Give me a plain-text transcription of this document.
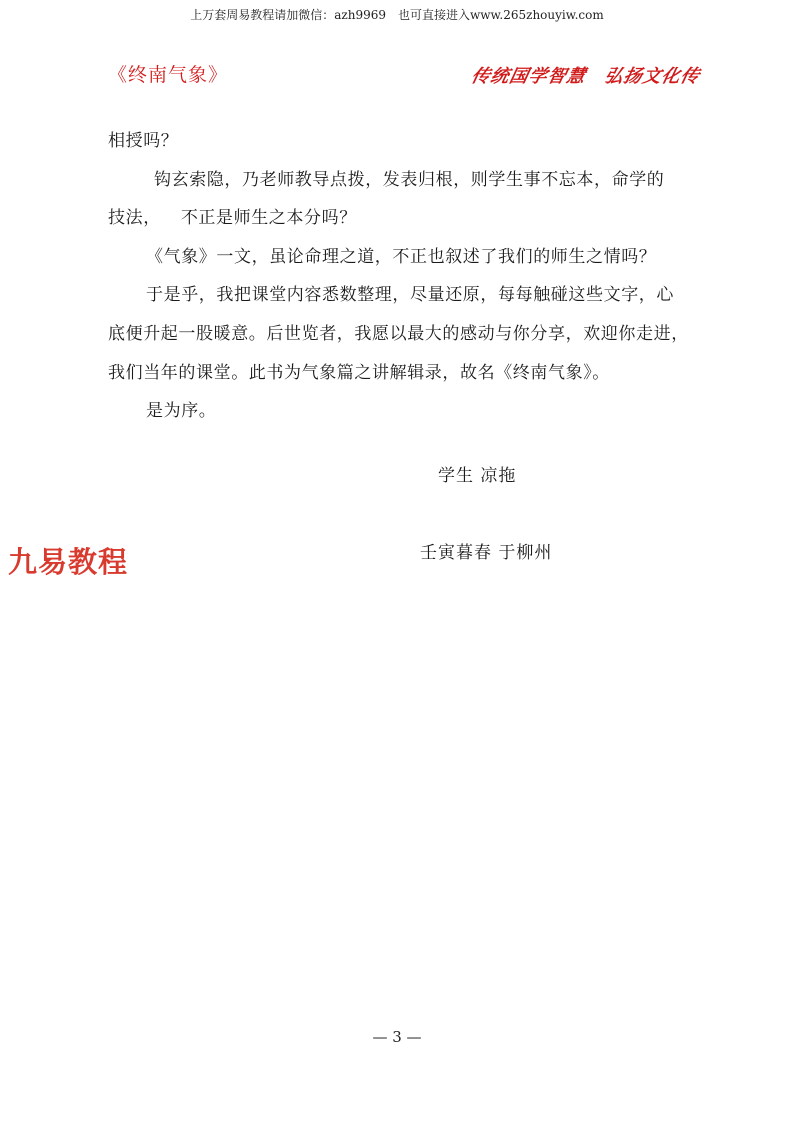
上万套周易教程请加微信：azh9969　也可直接进入www.265zhouyiw.com
《终南气象》	传统国学智慧　弘扬文化传

相授吗？

钩玄索隐，乃老师教导点拨，发表归根，则学生事不忘本，命学的

技法， 不正是师生之本分吗？

《气象》一文，虽论命理之道，不正也叙述了我们的师生之情吗？

于是乎，我把课堂内容悉数整理，尽量还原，每每触碰这些文字，心

底便升起一股暖意。后世览者，我愿以最大的感动与你分享，欢迎你走进，

我们当年的课堂。此书为气象篇之讲解辑录，故名《终南气象》。

是为序。

学生 凉拖
壬寅暮春 于柳州
九易教程
— 3 —
